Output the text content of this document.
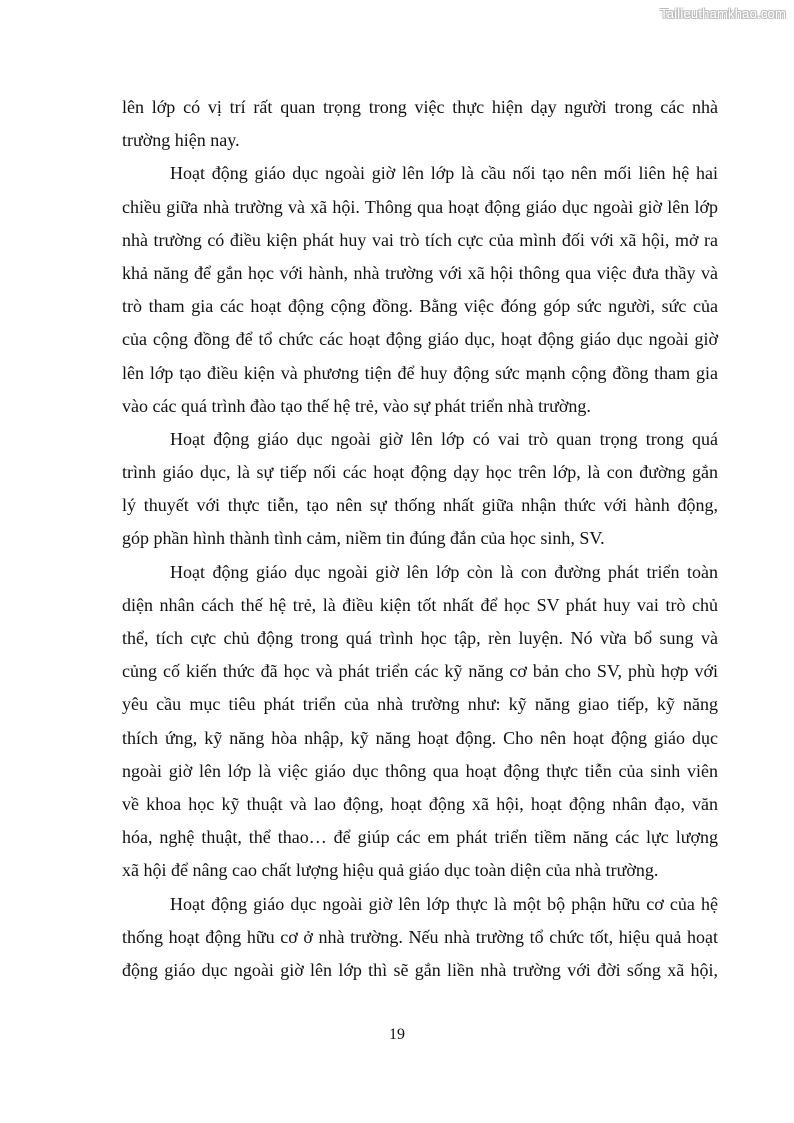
Tailieuthamkhao.com
lên lớp có vị trí rất quan trọng trong việc thực hiện dạy người trong các nhà
trường hiện nay.
Hoạt động giáo dục ngoài giờ lên lớp là cầu nối tạo nên mối liên hệ hai
chiều giữa nhà trường và xã hội. Thông qua hoạt động giáo dục ngoài giờ lên lớp
nhà trường có điều kiện phát huy vai trò tích cực của mình đối với xã hội, mở ra
khả năng để gắn học với hành, nhà trường với xã hội thông qua việc đưa thầy và
trò tham gia các hoạt động cộng đồng. Bằng việc đóng góp sức người, sức của
của cộng đồng để tổ chức các hoạt động giáo dục, hoạt động giáo dục ngoài giờ
lên lớp tạo điều kiện và phương tiện để huy động sức mạnh cộng đồng tham gia
vào các quá trình đào tạo thế hệ trẻ, vào sự phát triển nhà trường.
Hoạt động giáo dục ngoài giờ lên lớp có vai trò quan trọng trong quá
trình giáo dục, là sự tiếp nối các hoạt động dạy học trên lớp, là con đường gắn
lý thuyết với thực tiễn, tạo nên sự thống nhất giữa nhận thức với hành động,
góp phần hình thành tình cảm, niềm tin đúng đắn của học sinh, SV.
Hoạt động giáo dục ngoài giờ lên lớp còn là con đường phát triển toàn
diện nhân cách thế hệ trẻ, là điều kiện tốt nhất để học SV phát huy vai trò chủ
thể, tích cực chủ động trong quá trình học tập, rèn luyện. Nó vừa bổ sung và
củng cố kiến thức đã học và phát triển các kỹ năng cơ bản cho SV, phù hợp với
yêu cầu mục tiêu phát triển của nhà trường như: kỹ năng giao tiếp, kỹ năng
thích ứng, kỹ năng hòa nhập, kỹ năng hoạt động. Cho nên hoạt động giáo dục
ngoài giờ lên lớp là việc giáo dục thông qua hoạt động thực tiễn của sinh viên
về khoa học kỹ thuật và lao động, hoạt động xã hội, hoạt động nhân đạo, văn
hóa, nghệ thuật, thể thao… để giúp các em phát triển tiềm năng các lực lượng
xã hội để nâng cao chất lượng hiệu quả giáo dục toàn diện của nhà trường.
Hoạt động giáo dục ngoài giờ lên lớp thực là một bộ phận hữu cơ của hệ
thống hoạt động hữu cơ ở nhà trường. Nếu nhà trường tổ chức tốt, hiệu quả hoạt
động giáo dục ngoài giờ lên lớp thì sẽ gắn liền nhà trường với đời sống xã hội,
19
